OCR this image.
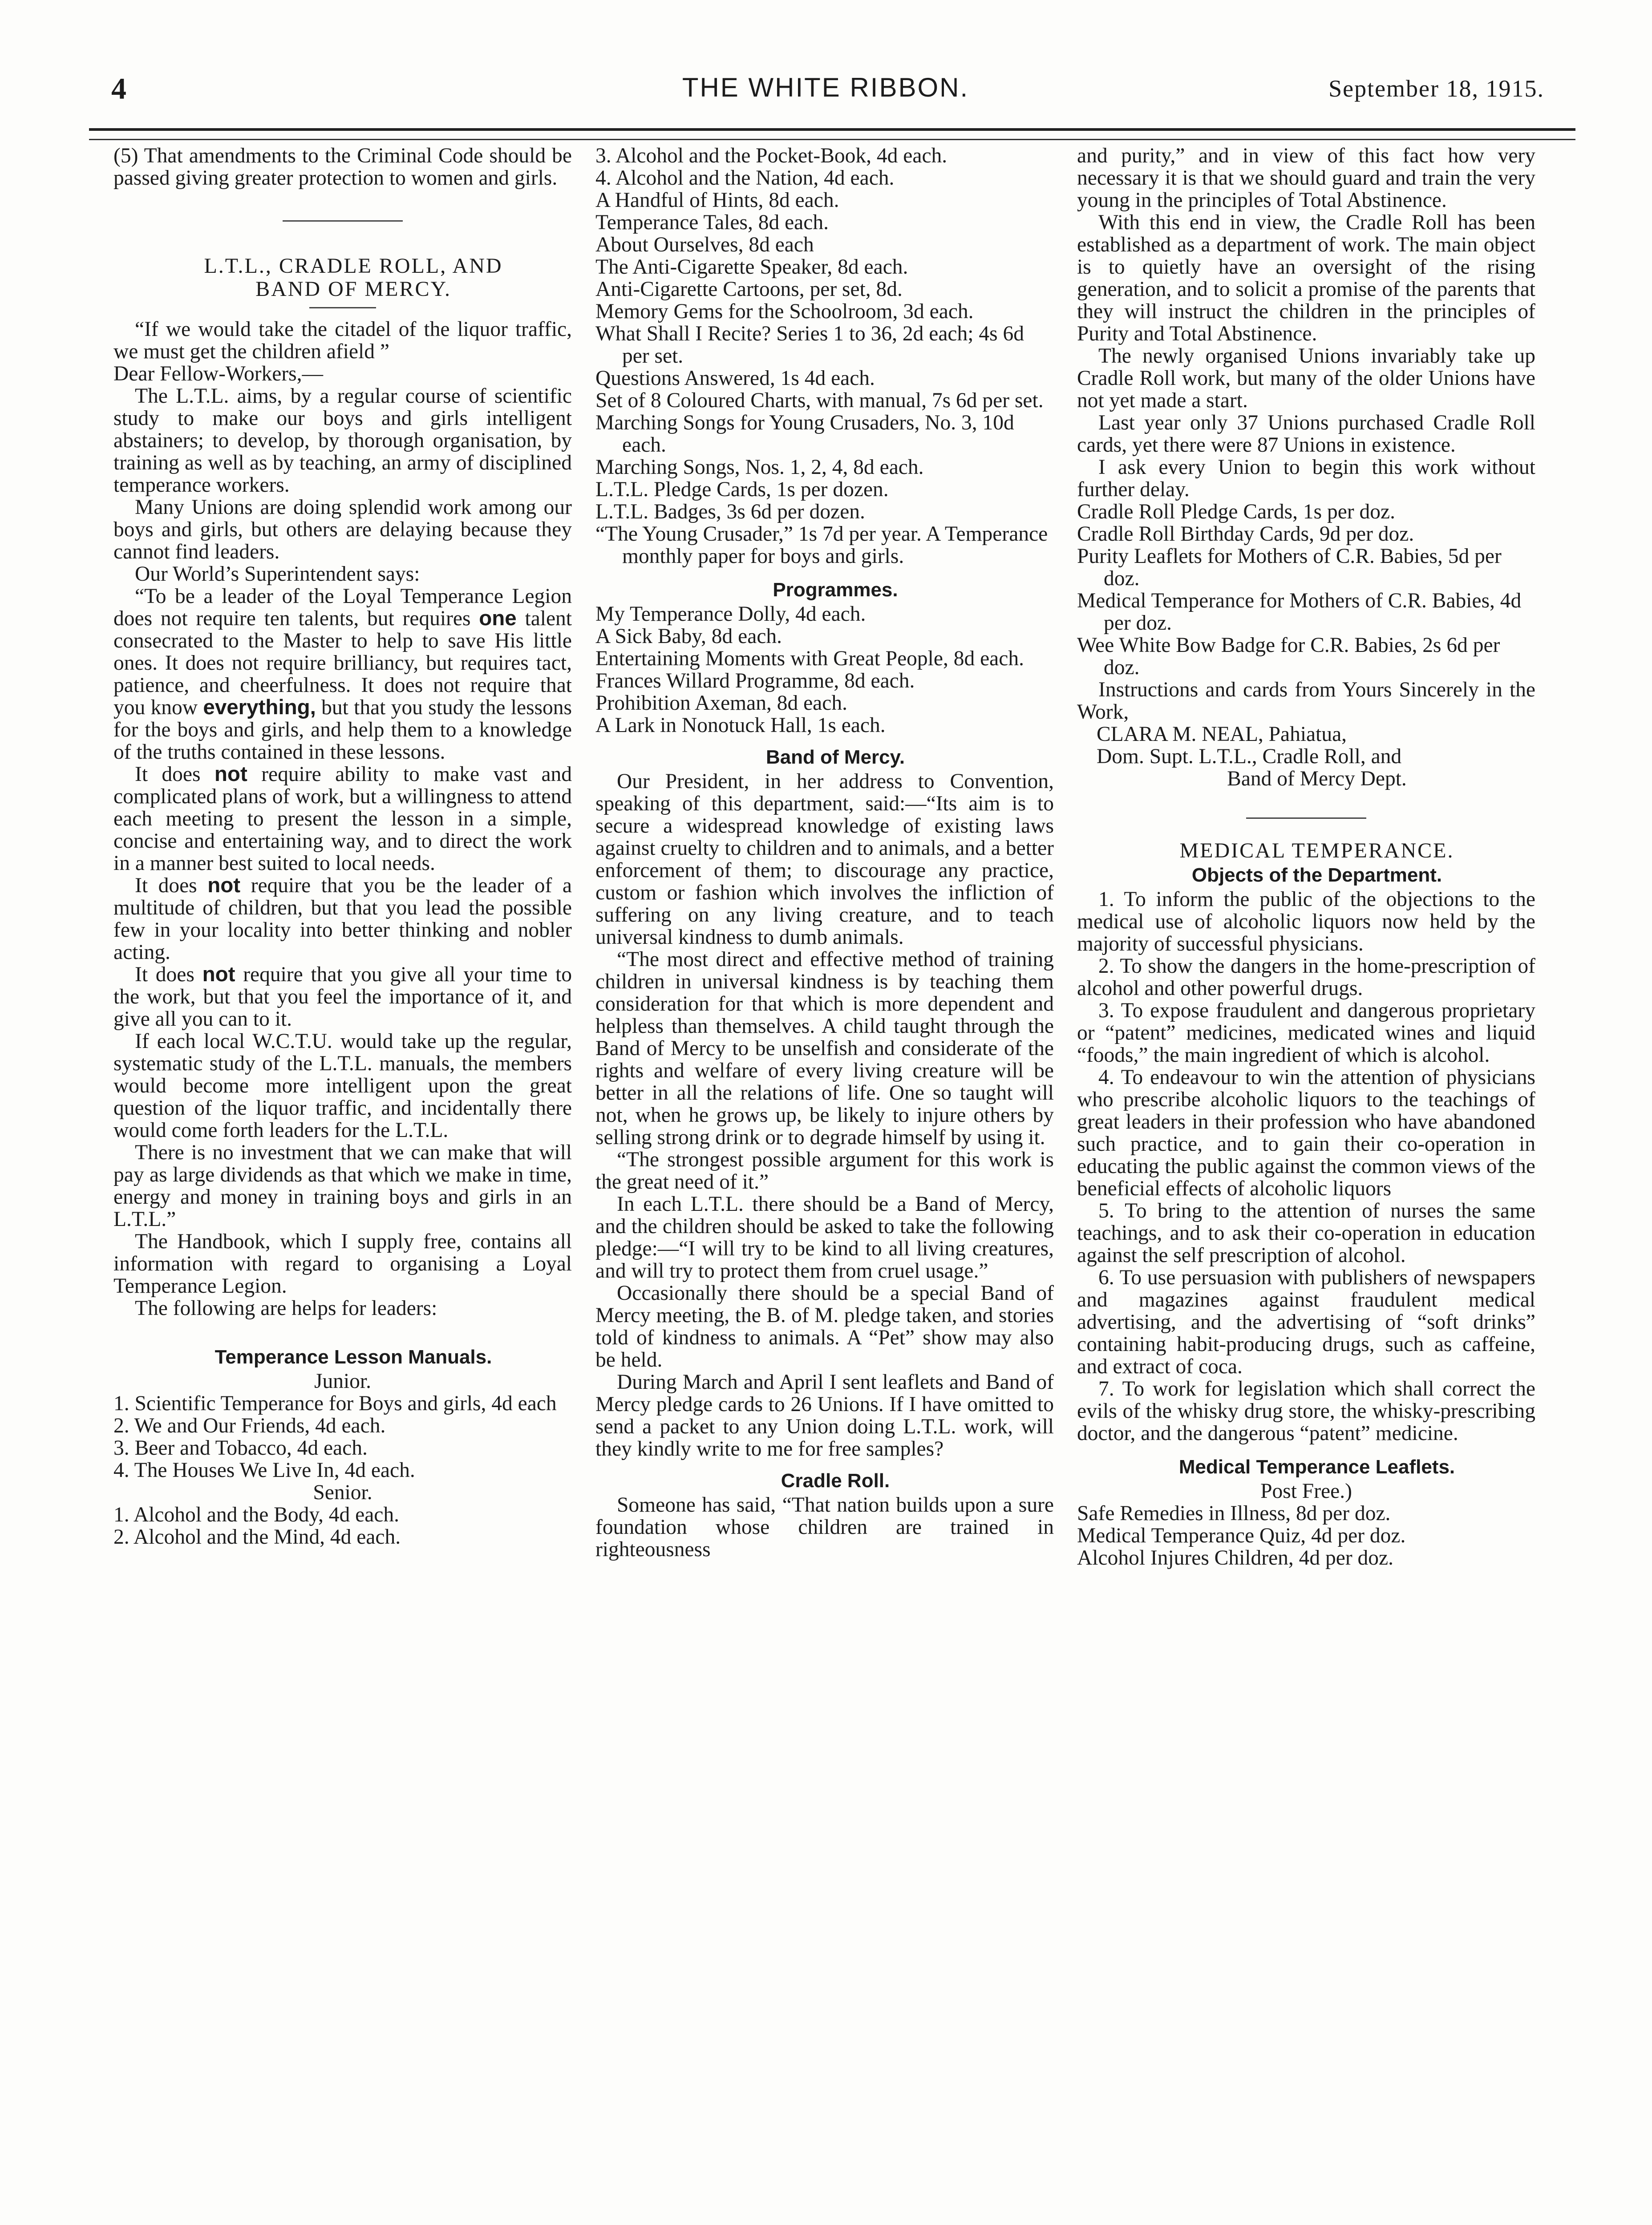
4	THE WHITE RIBBON.	September 18, 1915.

(5) That amendments to the Criminal Code should be passed giving greater protection to women and girls.

L.T.L., CRADLE ROLL, AND

BAND OF MERCY.

“If we would take the citadel of the liquor traffic, we must get the children afield ”

Dear Fellow-Workers,—

The L.T.L. aims, by a regular course of scientific study to make our boys and girls intelligent abstainers; to develop, by thorough organisation, by training as well as by teaching, an army of disciplined temperance workers.

Many Unions are doing splendid work among our boys and girls, but others are delaying because they cannot find leaders.

Our World’s Superintendent says:

“To be a leader of the Loyal Temperance Legion does not require ten talents, but requires one talent consecrated to the Master to help to save His little ones. It does not require brilliancy, but requires tact, patience, and cheerfulness. It does not require that you know everything, but that you study the lessons for the boys and girls, and help them to a knowledge of the truths contained in these lessons.

It does not require ability to make vast and complicated plans of work, but a willingness to attend each meeting to present the lesson in a simple, concise and entertaining way, and to direct the work in a manner best suited to local needs.

It does not require that you be the leader of a multitude of children, but that you lead the possible few in your locality into better thinking and nobler acting.

It does not require that you give all your time to the work, but that you feel the importance of it, and give all you can to it.

If each local W.C.T.U. would take up the regular, systematic study of the L.T.L. manuals, the members would become more intelligent upon the great question of the liquor traffic, and incidentally there would come forth leaders for the L.T.L.

There is no investment that we can make that will pay as large dividends as that which we make in time, energy and money in training boys and girls in an L.T.L.”

The Handbook, which I supply free, contains all information with regard to organising a Loyal Temperance Legion.

The following are helps for leaders:

Temperance Lesson Manuals.

Junior.

1. Scientific Temperance for Boys and girls, 4d each
2. We and Our Friends, 4d each.
3. Beer and Tobacco, 4d each.
4. The Houses We Live In, 4d each.

Senior.

1. Alcohol and the Body, 4d each.
2. Alcohol and the Mind, 4d each.
3. Alcohol and the Pocket-Book, 4d each.
4. Alcohol and the Nation, 4d each.
A Handful of Hints, 8d each.
Temperance Tales, 8d each.
About Ourselves, 8d each
The Anti-Cigarette Speaker, 8d each.
Anti-Cigarette Cartoons, per set, 8d.
Memory Gems for the Schoolroom, 3d each.
What Shall I Recite? Series 1 to 36, 2d each; 4s 6d per set.
Questions Answered, 1s 4d each.
Set of 8 Coloured Charts, with manual, 7s 6d per set.
Marching Songs for Young Crusaders, No. 3, 10d each.
Marching Songs, Nos. 1, 2, 4, 8d each.
L.T.L. Pledge Cards, 1s per dozen.
L.T.L. Badges, 3s 6d per dozen.
“The Young Crusader,” 1s 7d per year. A Temperance monthly paper for boys and girls.

Programmes.

My Temperance Dolly, 4d each.
A Sick Baby, 8d each.
Entertaining Moments with Great People, 8d each.
Frances Willard Programme, 8d each.
Prohibition Axeman, 8d each.
A Lark in Nonotuck Hall, 1s each.

Band of Mercy.

Our President, in her address to Convention, speaking of this department, said:—“Its aim is to secure a widespread knowledge of existing laws against cruelty to children and to animals, and a better enforcement of them; to discourage any practice, custom or fashion which involves the infliction of suffering on any living creature, and to teach universal kindness to dumb animals.

“The most direct and effective method of training children in universal kindness is by teaching them consideration for that which is more dependent and helpless than themselves. A child taught through the Band of Mercy to be unselfish and considerate of the rights and welfare of every living creature will be better in all the relations of life. One so taught will not, when he grows up, be likely to injure others by selling strong drink or to degrade himself by using it.

“The strongest possible argument for this work is the great need of it.”

In each L.T.L. there should be a Band of Mercy, and the children should be asked to take the following pledge:—“I will try to be kind to all living creatures, and will try to protect them from cruel usage.”

Occasionally there should be a special Band of Mercy meeting, the B. of M. pledge taken, and stories told of kindness to animals. A “Pet” show may also be held.

During March and April I sent leaflets and Band of Mercy pledge cards to 26 Unions. If I have omitted to send a packet to any Union doing L.T.L. work, will they kindly write to me for free samples?

Cradle Roll.

Someone has said, “That nation builds upon a sure foundation whose children are trained in righteousness

and purity,” and in view of this fact how very necessary it is that we should guard and train the very young in the principles of Total Abstinence.

With this end in view, the Cradle Roll has been established as a department of work. The main object is to quietly have an oversight of the rising generation, and to solicit a promise of the parents that they will instruct the children in the principles of Purity and Total Abstinence.

The newly organised Unions invariably take up Cradle Roll work, but many of the older Unions have not yet made a start.

Last year only 37 Unions purchased Cradle Roll cards, yet there were 87 Unions in existence.

I ask every Union to begin this work without further delay.

Cradle Roll Pledge Cards, 1s per doz.
Cradle Roll Birthday Cards, 9d per doz.
Purity Leaflets for Mothers of C.R. Babies, 5d per doz.
Medical Temperance for Mothers of C.R. Babies, 4d per doz.
Wee White Bow Badge for C.R. Babies, 2s 6d per doz.

Instructions and cards from Yours Sincerely in the Work,

CLARA M. NEAL, Pahiatua,

Dom. Supt. L.T.L., Cradle Roll, and

Band of Mercy Dept.

MEDICAL TEMPERANCE.

Objects of the Department.

1. To inform the public of the objections to the medical use of alcoholic liquors now held by the majority of successful physicians.

2. To show the dangers in the home-prescription of alcohol and other powerful drugs.

3. To expose fraudulent and dangerous proprietary or “patent” medicines, medicated wines and liquid “foods,” the main ingredient of which is alcohol.

4. To endeavour to win the attention of physicians who prescribe alcoholic liquors to the teachings of great leaders in their profession who have abandoned such practice, and to gain their co-operation in educating the public against the common views of the beneficial effects of alcoholic liquors

5. To bring to the attention of nurses the same teachings, and to ask their co-operation in education against the self prescription of alcohol.

6. To use persuasion with publishers of newspapers and magazines against fraudulent medical advertising, and the advertising of “soft drinks” containing habit-producing drugs, such as caffeine, and extract of coca.

7. To work for legislation which shall correct the evils of the whisky drug store, the whisky-prescribing doctor, and the dangerous “patent” medicine.

Medical Temperance Leaflets.

Post Free.)

Safe Remedies in Illness, 8d per doz.
Medical Temperance Quiz, 4d per doz.
Alcohol Injures Children, 4d per doz.
